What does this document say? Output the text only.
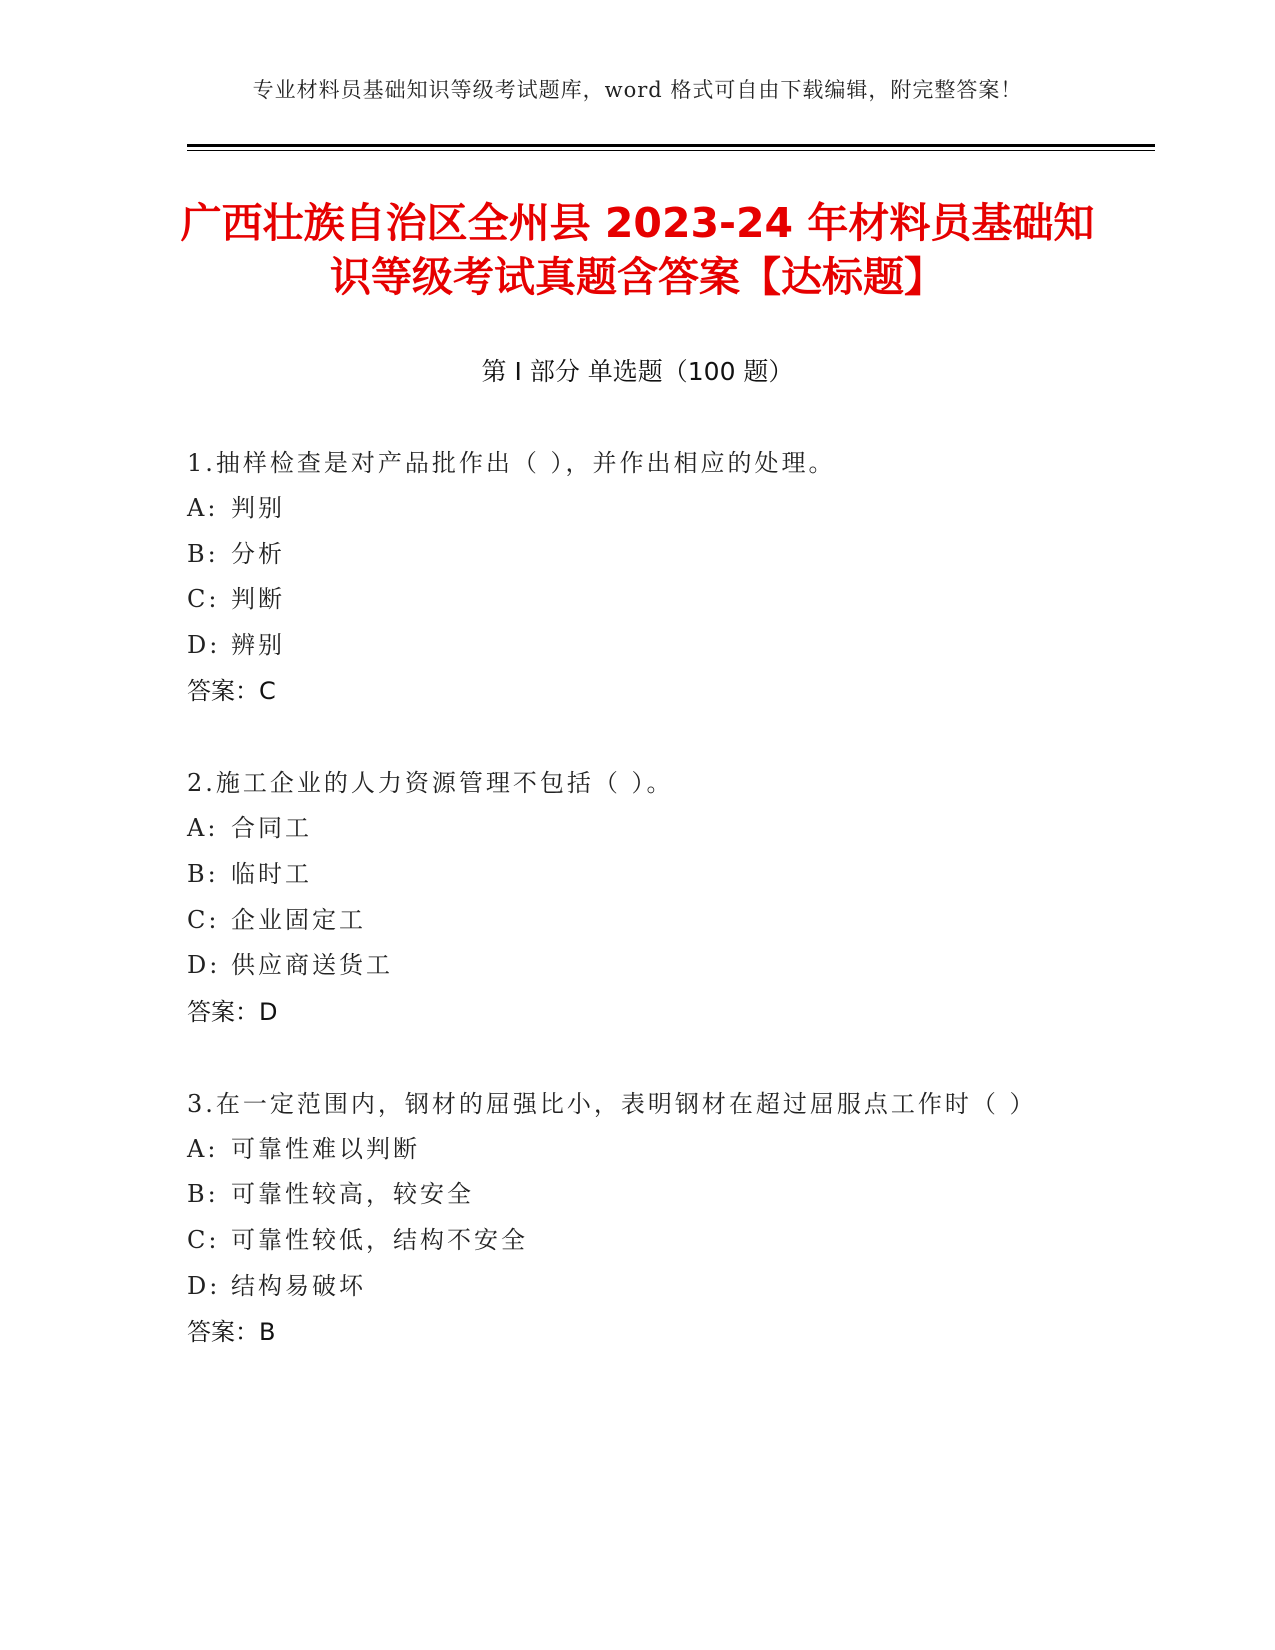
专业材料员基础知识等级考试题库，word 格式可自由下载编辑，附完整答案！
广西壮族自治区全州县 2023-24 年材料员基础知识等级考试真题含答案【达标题】
第 I 部分 单选题（100 题）
1.抽样检查是对产品批作出（ ），并作出相应的处理。
A: 判别
B: 分析
C: 判断
D: 辨别
答案：C
2.施工企业的人力资源管理不包括（ ）。
A: 合同工
B: 临时工
C: 企业固定工
D: 供应商送货工
答案：D
3.在一定范围内，钢材的屈强比小，表明钢材在超过屈服点工作时（ ）
A: 可靠性难以判断
B: 可靠性较高，较安全
C: 可靠性较低，结构不安全
D: 结构易破坏
答案：B
